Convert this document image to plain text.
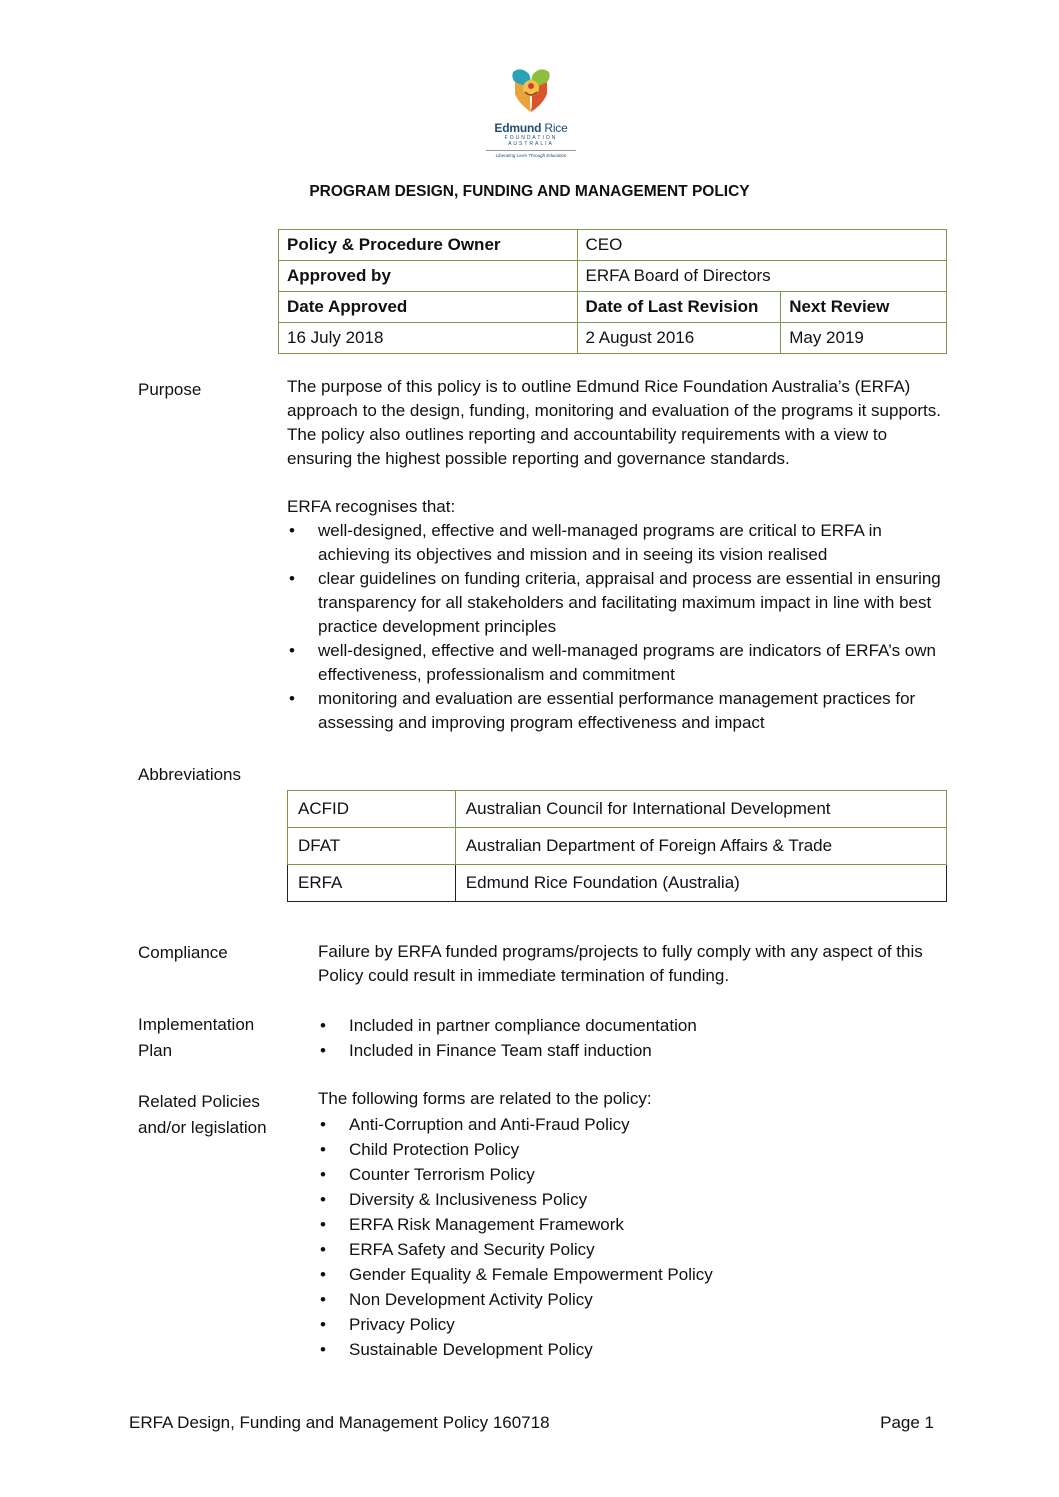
Edmund Rice
FOUNDATION AUSTRALIA
Liberating Lives Through Education
PROGRAM DESIGN, FUNDING AND MANAGEMENT POLICY
Policy & Procedure Owner	CEO	
Approved by	ERFA Board of Directors	
Date Approved	Date of Last Revision	Next Review
16 July 2018	2 August 2016	May 2019
Purpose	The purpose of this policy is to outline Edmund Rice Foundation Australia’s (ERFA) approach to the design, funding, monitoring and evaluation of the programs it supports. The policy also outlines reporting and accountability requirements with a view to ensuring the highest possible reporting and governance standards.

ERFA recognises that:

• well-designed, effective and well-managed programs are critical to ERFA in achieving its objectives and mission and in seeing its vision realised
• clear guidelines on funding criteria, appraisal and process are essential in ensuring transparency for all stakeholders and facilitating maximum impact in line with best practice development principles
• well-designed, effective and well-managed programs are indicators of ERFA’s own effectiveness, professionalism and commitment
• monitoring and evaluation are essential performance management practices for assessing and improving program effectiveness and impact
Abbreviations
ACFID	Australian Council for International Development
DFAT	Australian Department of Foreign Affairs & Trade
ERFA	Edmund Rice Foundation (Australia)
Compliance	Failure by ERFA funded programs/projects to fully comply with any aspect of this Policy could result in immediate termination of funding.

Implementation
Plan
• Included in partner compliance documentation
• Included in Finance Team staff induction
Related Policies
and/or legislation

The following forms are related to the policy:

• Anti-Corruption and Anti-Fraud Policy
• Child Protection Policy
• Counter Terrorism Policy
• Diversity & Inclusiveness Policy
• ERFA Risk Management Framework
• ERFA Safety and Security Policy
• Gender Equality & Female Empowerment Policy
• Non Development Activity Policy
• Privacy Policy
• Sustainable Development Policy
ERFA Design, Funding and Management Policy 160718	Page 1
